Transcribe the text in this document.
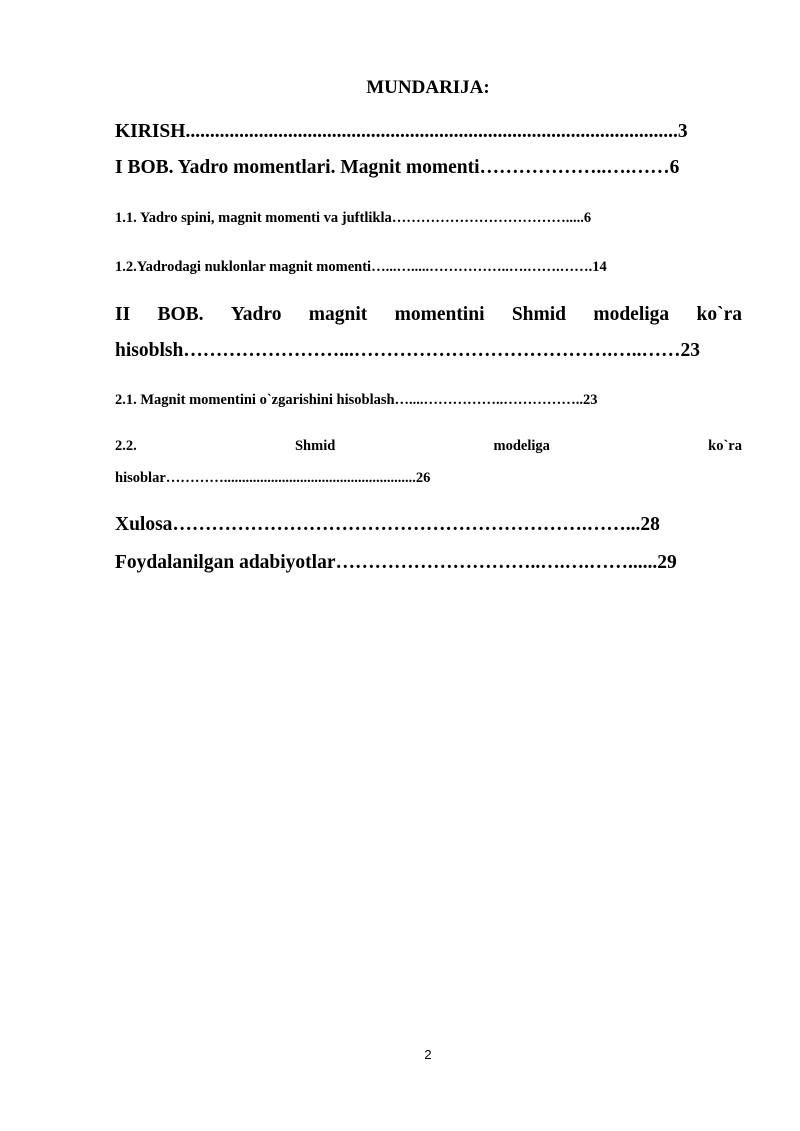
MUNDARIJA:
KIRISH.....................................................................................................3
I BOB. Yadro momentlari. Magnit momenti………………..….……6
1.1. Yadro spini, magnit momenti va juftlikla……………………………….....6
1.2.Yadrodagi nuklonlar magnit momenti…...….....……………..….…….…….14
II BOB. Yadro magnit momentini Shmid modeliga ko`ra
hisoblsh……………………...………………………………….…..……23
2.1. Magnit momentini o`zgarishini hisoblash…....……………..……………..23
2.2.	Shmid	modeliga	ko`ra
hisoblar………….....................................................26
Xulosa……………………………………………………….……...28
Foydalanilgan adabiyotlar…………………………..….….……......29
2
